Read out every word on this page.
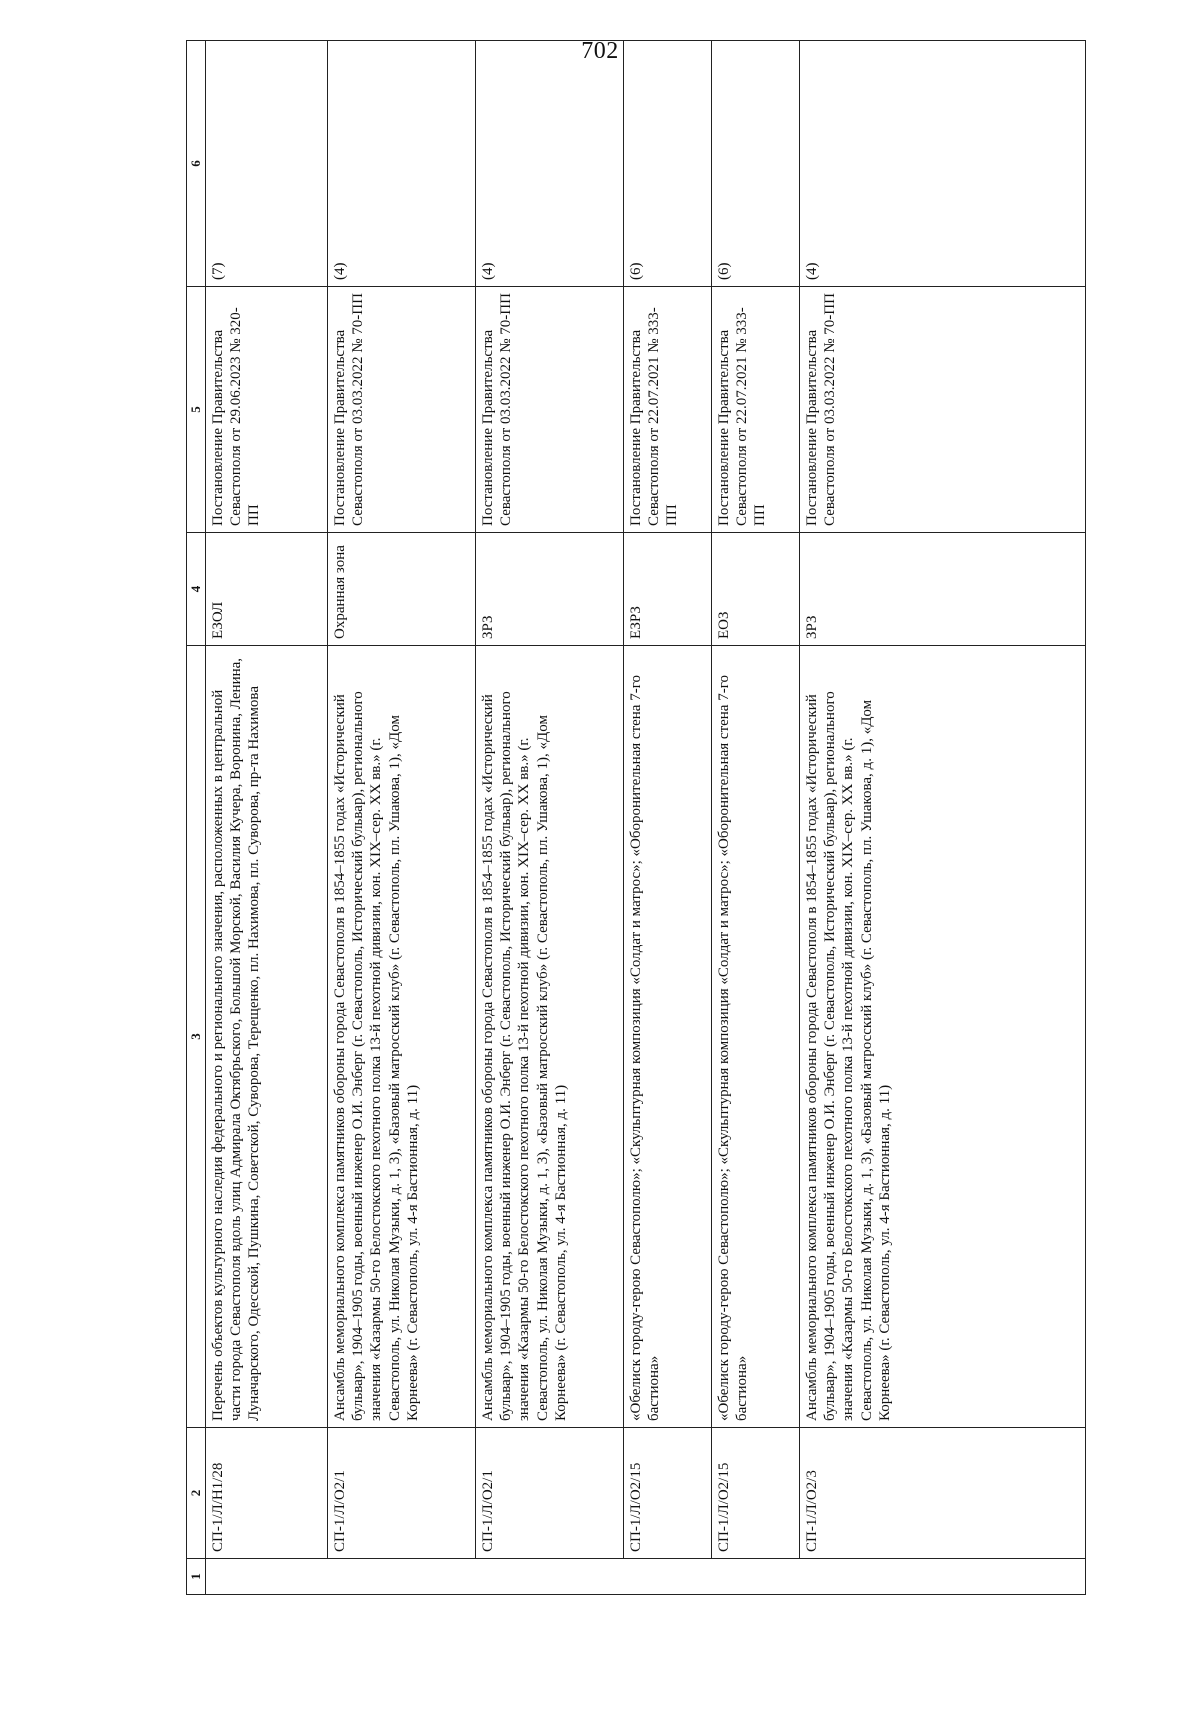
702
1	2	3	4	5	6
	СП-1/Л/Н1/28	Перечень объектов культурного наследия федерального и регионального значения, расположенных в центральной части города Севастополя вдоль улиц Адмирала Октябрьского, Большой Морской, Василия Кучера, Воронина, Ленина, Луначарского, Одесской, Пушкина, Советской, Суворова, Терещенко, пл. Нахимова, пл. Суворова, пр-та Нахимова	ЕЗОЛ	Постановление Правительства Севастополя от 29.06.2023 № 320-ПП	(7)
	СП-1/Л/О2/1	Ансамбль мемориального комплекса памятников обороны города Севастополя в 1854–1855 годах «Исторический бульвар», 1904–1905 годы, военный инженер О.И. Энберг (г. Севастополь, Исторический бульвар), регионального значения «Казармы 50-го Белостокского пехотного полка 13-й пехотной дивизии, кон. XIX–сер. XX вв.» (г. Севастополь, ул. Николая Музыки, д. 1, 3), «Базовый матросский клуб» (г. Севастополь, пл. Ушакова, 1), «Дом Корнеева» (г. Севастополь, ул. 4-я Бастионная, д. 11)	Охранная зона	Постановление Правительства Севастополя от 03.03.2022 № 70-ПП	(4)
	СП-1/Л/О2/1	Ансамбль мемориального комплекса памятников обороны города Севастополя в 1854–1855 годах «Исторический бульвар», 1904–1905 годы, военный инженер О.И. Энберг (г. Севастополь, Исторический бульвар), регионального значения «Казармы 50-го Белостокского пехотного полка 13-й пехотной дивизии, кон. XIX–сер. XX вв.» (г. Севастополь, ул. Николая Музыки, д. 1, 3), «Базовый матросский клуб» (г. Севастополь, пл. Ушакова, 1), «Дом Корнеева» (г. Севастополь, ул. 4-я Бастионная, д. 11)	ЗРЗ	Постановление Правительства Севастополя от 03.03.2022 № 70-ПП	(4)
	СП-1/Л/О2/15	«Обелиск городу-герою Севастополю»; «Скульптурная композиция «Солдат и матрос»; «Оборонительная стена 7-го бастиона»	ЕЗРЗ	Постановление Правительства Севастополя от 22.07.2021 № 333-ПП	(6)
	СП-1/Л/О2/15	«Обелиск городу-герою Севастополю»; «Скульптурная композиция «Солдат и матрос»; «Оборонительная стена 7-го бастиона»	ЕОЗ	Постановление Правительства Севастополя от 22.07.2021 № 333-ПП	(6)
	СП-1/Л/О2/3	Ансамбль мемориального комплекса памятников обороны города Севастополя в 1854–1855 годах «Исторический бульвар», 1904–1905 годы, военный инженер О.И. Энберг (г. Севастополь, Исторический бульвар), регионального значения «Казармы 50-го Белостокского пехотного полка 13-й пехотной дивизии, кон. XIX–сер. XX вв.» (г. Севастополь, ул. Николая Музыки, д. 1, 3), «Базовый матросский клуб» (г. Севастополь, пл. Ушакова, д. 1), «Дом Корнеева» (г. Севастополь, ул. 4-я Бастионная, д. 11)	ЗРЗ	Постановление Правительства Севастополя от 03.03.2022 № 70-ПП	(4)
